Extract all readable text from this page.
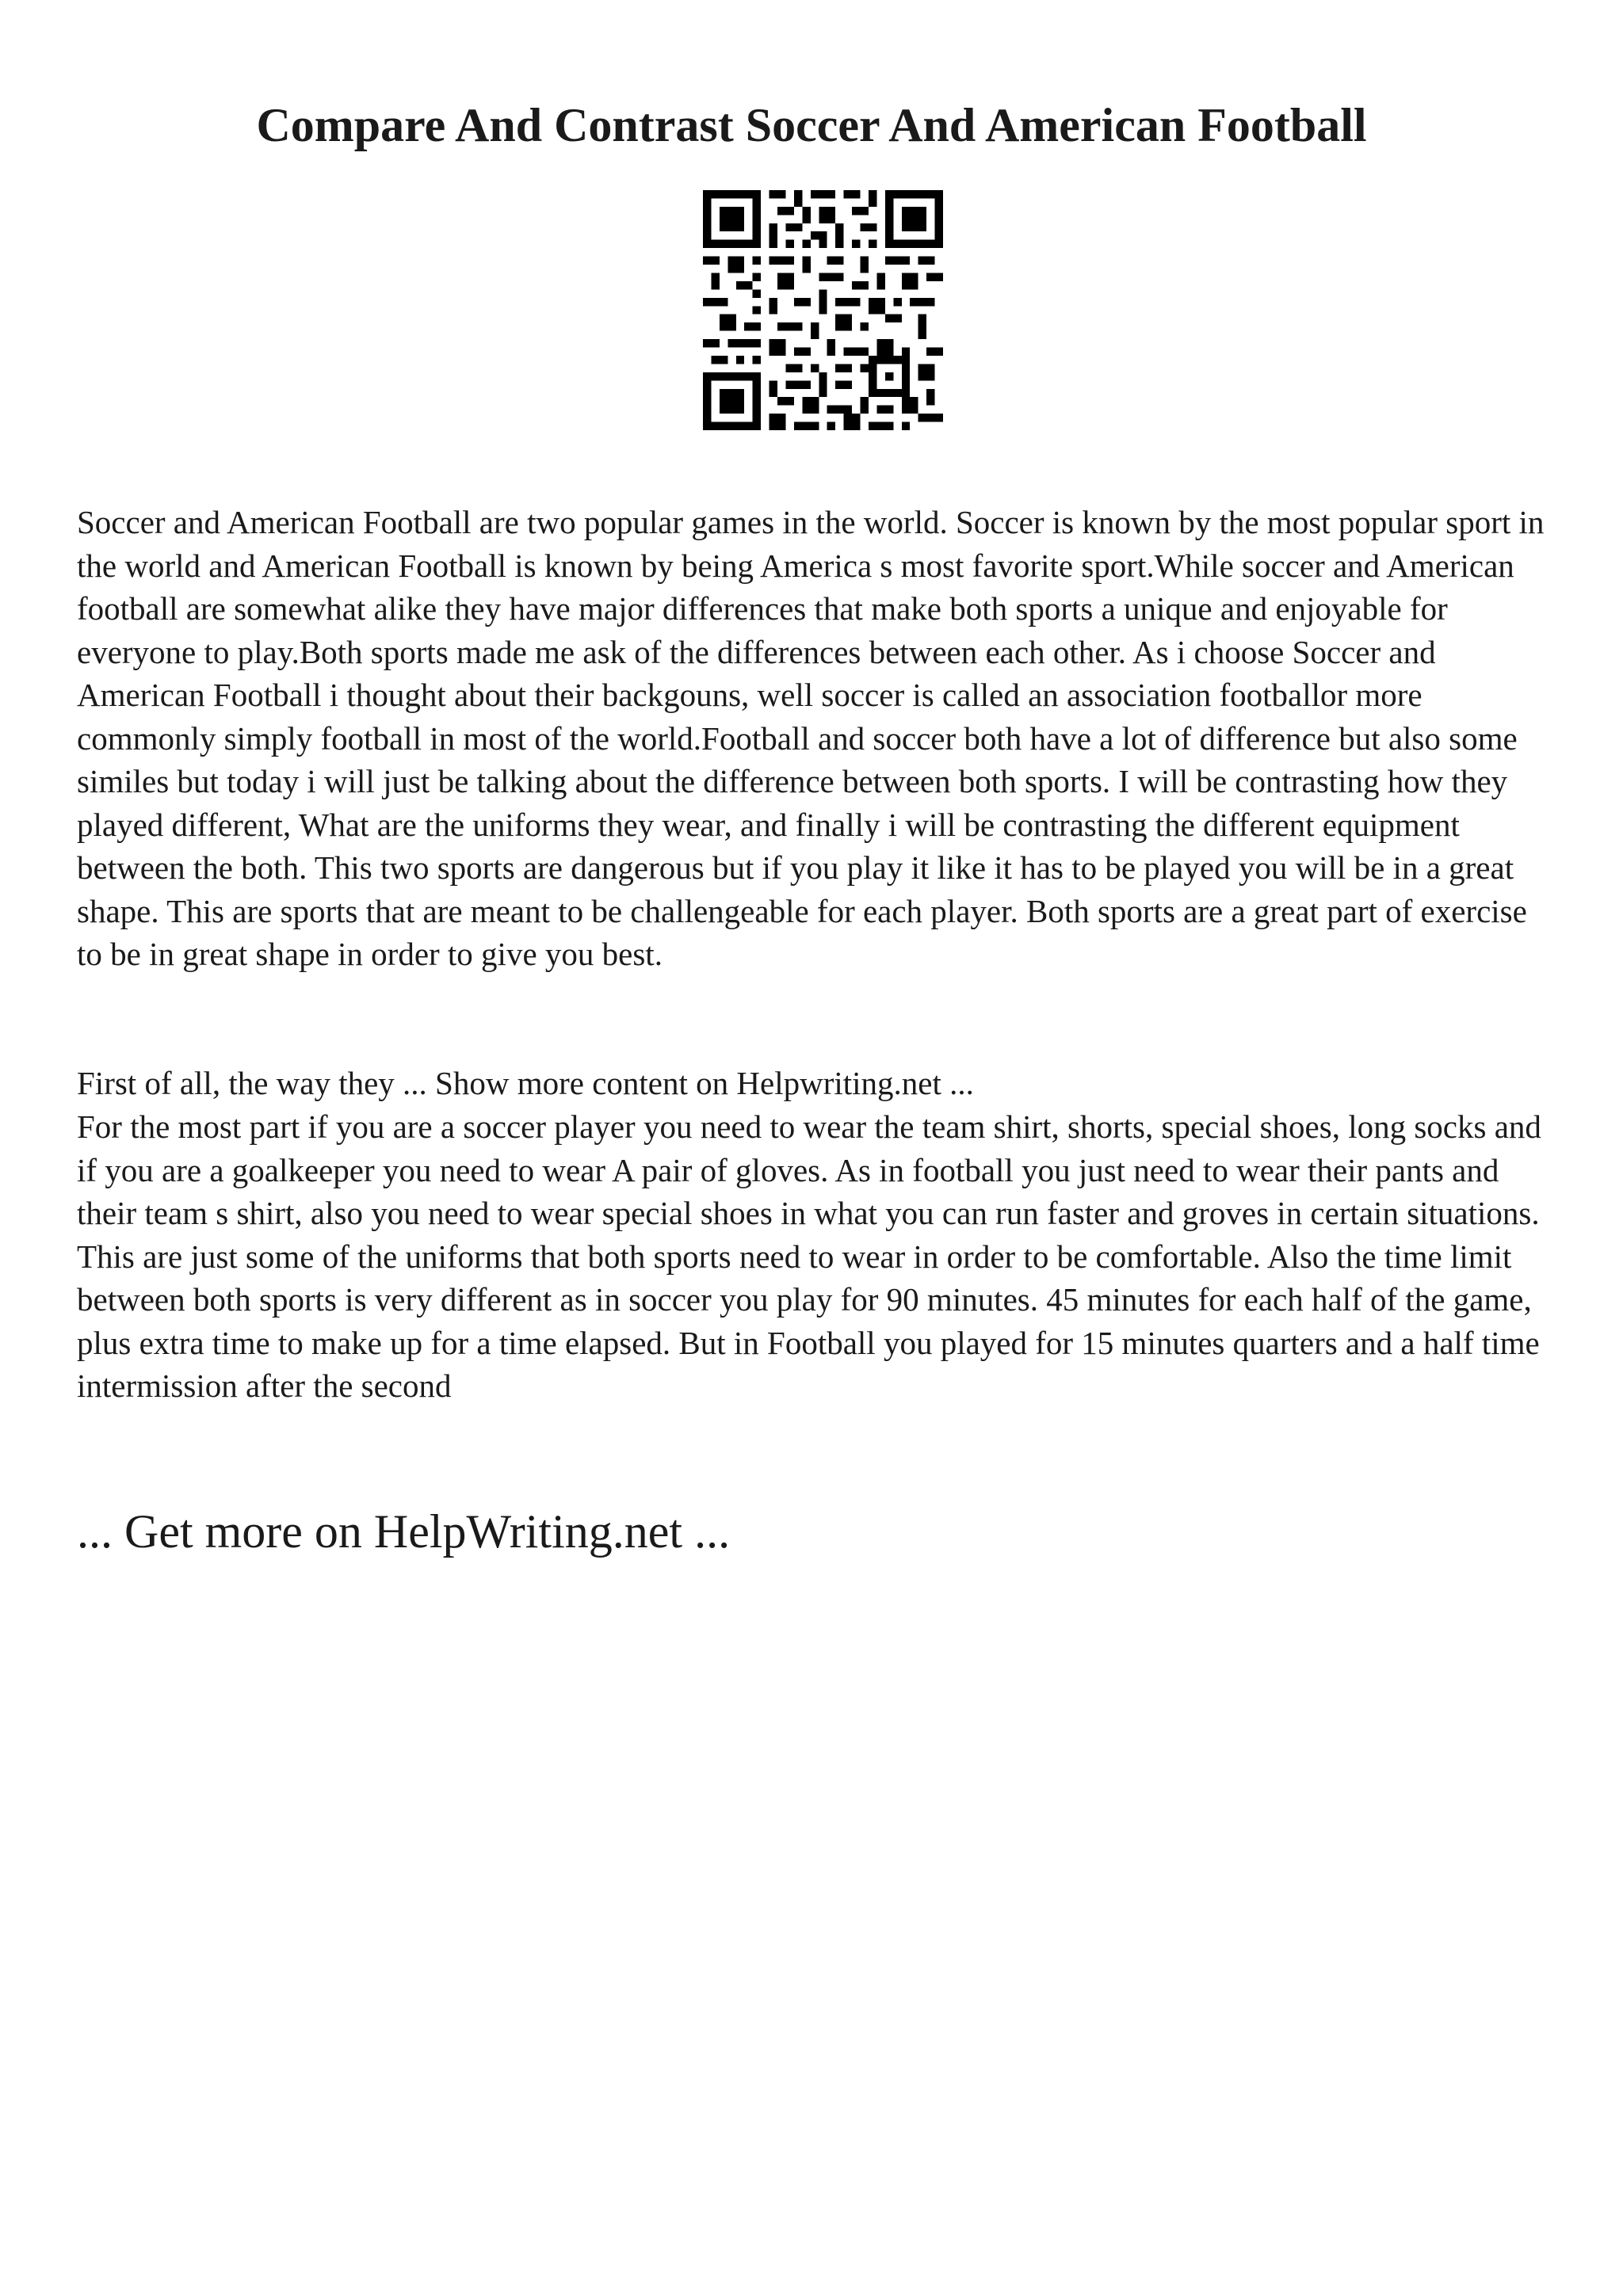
Compare And Contrast Soccer And American Football

Soccer and American Football are two popular games in the world. Soccer is known by the most popular sport in the world and American Football is known by being America s most favorite sport.While soccer and American football are somewhat alike they have major differences that make both sports a unique and enjoyable for everyone to play.Both sports made me ask of the differences between each other. As i choose Soccer and American Football i thought about their backgouns, well soccer is called an association footballor more commonly simply football in most of the world.Football and soccer both have a lot of difference but also some similes but today i will just be talking about the difference between both sports. I will be contrasting how they played different, What are the uniforms they wear, and finally i will be contrasting the different equipment between the both. This two sports are dangerous but if you play it like it has to be played you will be in a great shape. This are sports that are meant to be challengeable for each player. Both sports are a great part of exercise to be in great shape in order to give you best.

First of all, the way they ... Show more content on Helpwriting.net ...

For the most part if you are a soccer player you need to wear the team shirt, shorts, special shoes, long socks and if you are a goalkeeper you need to wear A pair of gloves. As in football you just need to wear their pants and their team s shirt, also you need to wear special shoes in what you can run faster and groves in certain situations. This are just some of the uniforms that both sports need to wear in order to be comfortable. Also the time limit between both sports is very different as in soccer you play for 90 minutes. 45 minutes for each half of the game, plus extra time to make up for a time elapsed. But in Football you played for 15 minutes quarters and a half time intermission after the second

... Get more on HelpWriting.net ...
